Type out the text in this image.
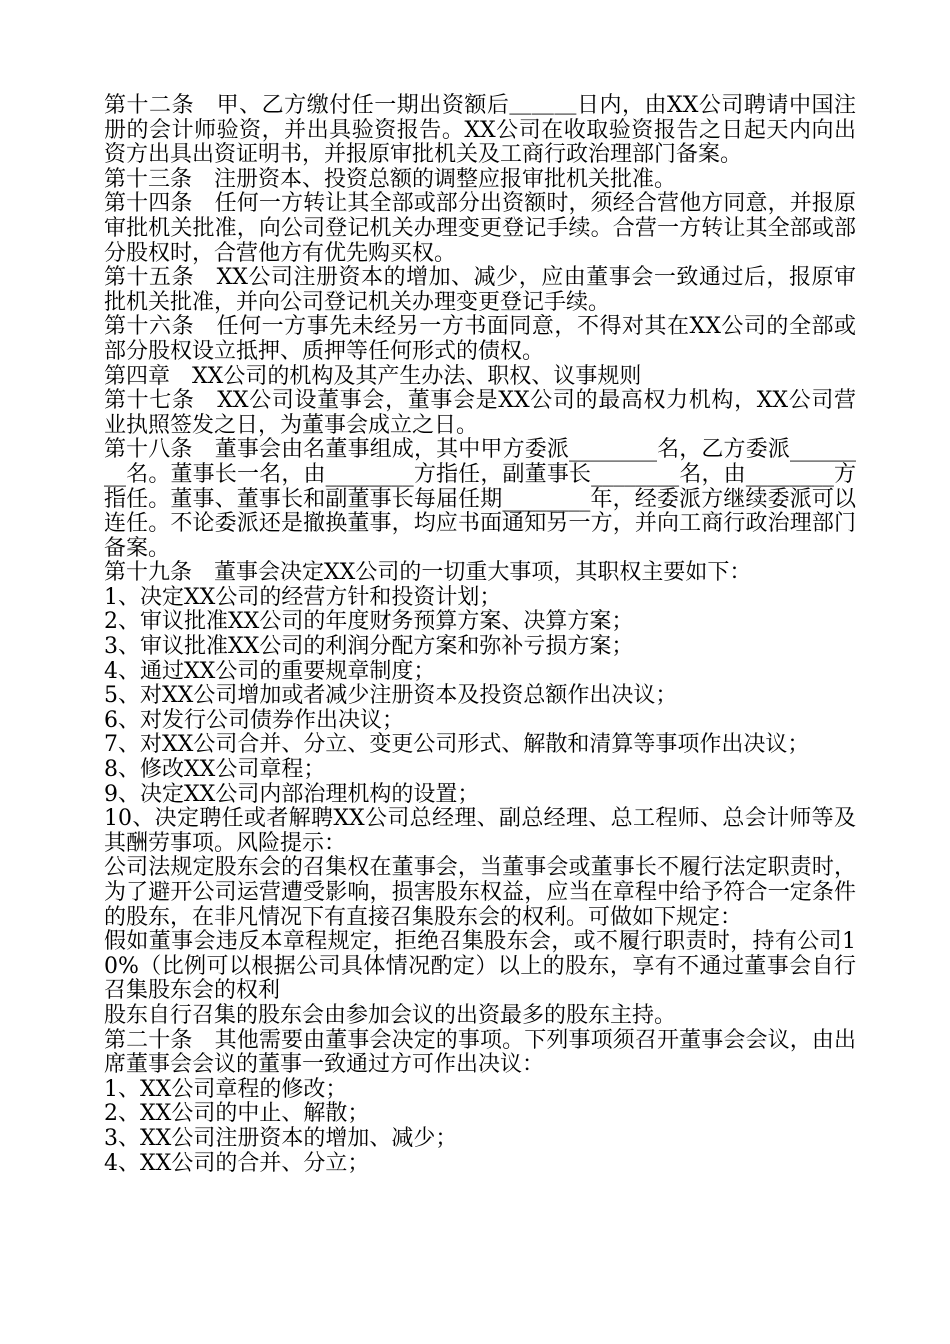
第十二条　甲、乙方缴付任一期出资额后＿＿＿日内，由XX公司聘请中国注册的会计师验资，并出具验资报告。XX公司在收取验资报告之日起天内向出资方出具出资证明书，并报原审批机关及工商行政治理部门备案。

第十三条　注册资本、投资总额的调整应报审批机关批准。

第十四条　任何一方转让其全部或部分出资额时，须经合营他方同意，并报原审批机关批准，向公司登记机关办理变更登记手续。合营一方转让其全部或部分股权时，合营他方有优先购买权。

第十五条　XX公司注册资本的增加、减少，应由董事会一致通过后，报原审批机关批准，并向公司登记机关办理变更登记手续。

第十六条　任何一方事先未经另一方书面同意，不得对其在XX公司的全部或部分股权设立抵押、质押等任何形式的债权。

第四章　XX公司的机构及其产生办法、职权、议事规则

第十七条　XX公司设董事会，董事会是XX公司的最高权力机构，XX公司营业执照签发之日，为董事会成立之日。

第十八条　董事会由名董事组成，其中甲方委派________名，乙方委派________名。董事长一名，由________方指任，副董事长________名，由________方指任。董事、董事长和副董事长每届任期________年，经委派方继续委派可以连任。不论委派还是撤换董事，均应书面通知另一方，并向工商行政治理部门备案。

第十九条　董事会决定XX公司的一切重大事项，其职权主要如下：

1、决定XX公司的经营方针和投资计划；

2、审议批准XX公司的年度财务预算方案、决算方案；

3、审议批准XX公司的利润分配方案和弥补亏损方案；

4、通过XX公司的重要规章制度；

5、对XX公司增加或者减少注册资本及投资总额作出决议；

6、对发行公司债券作出决议；

7、对XX公司合并、分立、变更公司形式、解散和清算等事项作出决议；

8、修改XX公司章程；

9、决定XX公司内部治理机构的设置；

10、决定聘任或者解聘XX公司总经理、副总经理、总工程师、总会计师等及其酬劳事项。风险提示：

公司法规定股东会的召集权在董事会，当董事会或董事长不履行法定职责时，为了避开公司运营遭受影响，损害股东权益，应当在章程中给予符合一定条件的股东，在非凡情况下有直接召集股东会的权利。可做如下规定：

假如董事会违反本章程规定，拒绝召集股东会，或不履行职责时，持有公司10%（比例可以根据公司具体情况酌定）以上的股东，享有不通过董事会自行召集股东会的权利

股东自行召集的股东会由参加会议的出资最多的股东主持。

第二十条　其他需要由董事会决定的事项。下列事项须召开董事会会议，由出席董事会会议的董事一致通过方可作出决议：

1、XX公司章程的修改；

2、XX公司的中止、解散；

3、XX公司注册资本的增加、减少；

4、XX公司的合并、分立；
